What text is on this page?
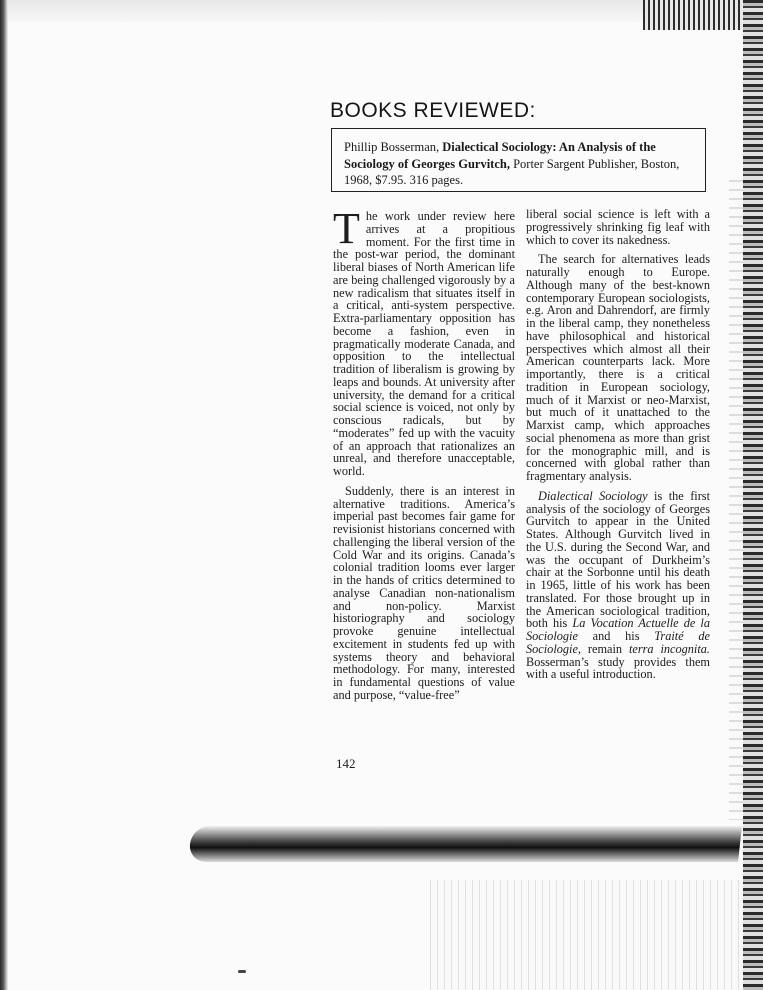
BOOKS REVIEWED:
Phillip Bosserman, Dialectical Sociology: An Analysis of the Sociology of Georges Gurvitch, Porter Sargent Publisher, Boston, 1968, $7.95. 316 pages.

The work under review here arrives at a propitious moment. For the first time in the post-war period, the dominant liberal biases of North American life are being challenged vigorously by a new radicalism that situates itself in a critical, anti-system perspective. Extra-parliamentary opposition has become a fashion, even in pragmatically moderate Canada, and opposition to the intellectual tradition of liberalism is growing by leaps and bounds. At university after university, the demand for a critical social science is voiced, not only by conscious radicals, but by “moderates” fed up with the vacuity of an approach that rationalizes an unreal, and therefore unacceptable, world.

Suddenly, there is an interest in alternative traditions. America’s imperial past becomes fair game for revisionist historians concerned with challenging the liberal version of the Cold War and its origins. Canada’s colonial tradition looms ever larger in the hands of critics determined to analyse Canadian non-nationalism and non-policy. Marxist historiography and sociology provoke genuine intellectual excitement in students fed up with systems theory and behavioral methodology. For many, interested in fundamental questions of value and purpose, “value-free”

liberal social science is left with a progressively shrinking fig leaf with which to cover its nakedness.

The search for alternatives leads naturally enough to Europe. Although many of the best-known contemporary European sociologists, e.g. Aron and Dahrendorf, are firmly in the liberal camp, they nonetheless have philosophical and historical perspectives which almost all their American counterparts lack. More importantly, there is a critical tradition in European sociology, much of it Marxist or neo-Marxist, but much of it unattached to the Marxist camp, which approaches social phenomena as more than grist for the monographic mill, and is concerned with global rather than fragmentary analysis.

Dialectical Sociology is the first analysis of the sociology of Georges Gurvitch to appear in the United States. Although Gurvitch lived in the U.S. during the Second War, and was the occupant of Durkheim’s chair at the Sorbonne until his death in 1965, little of his work has been translated. For those brought up in the American sociological tradition, both his La Vocation Actuelle de la Sociologie and his Traité de Sociologie, remain terra incognita. Bosserman’s study provides them with a useful introduction.

142
